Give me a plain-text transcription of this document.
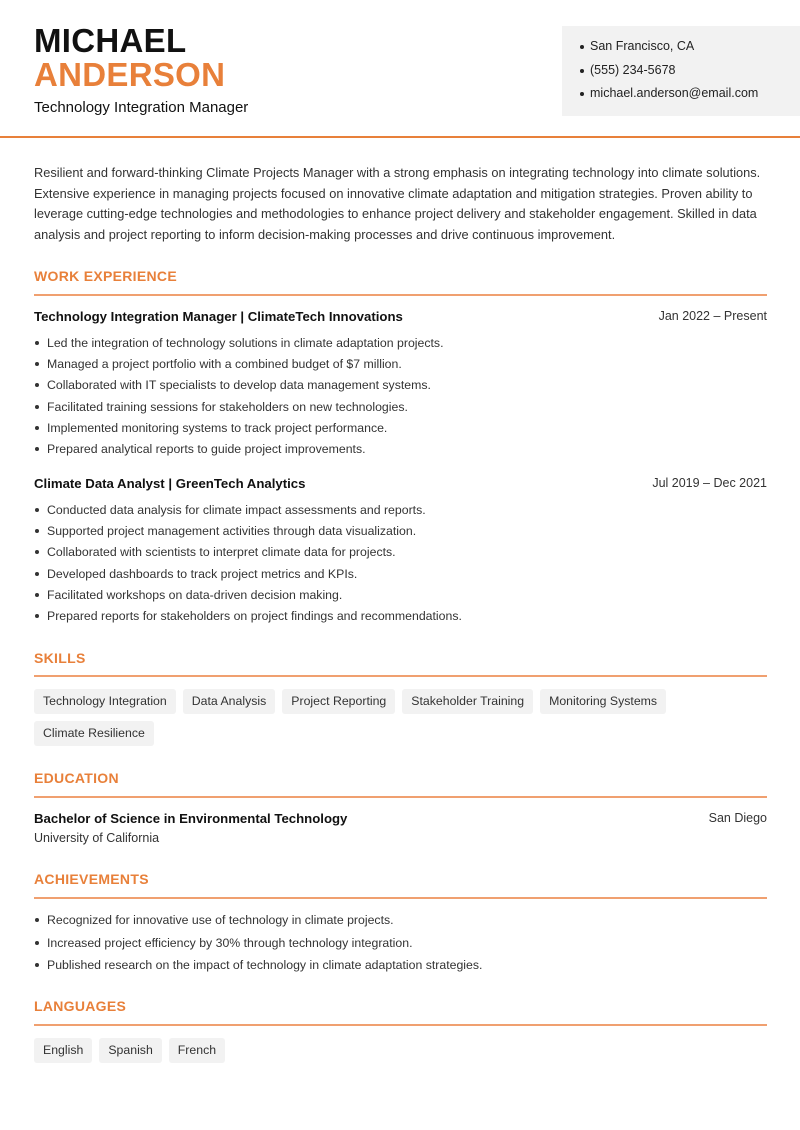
MICHAEL
ANDERSON
Technology Integration Manager
San Francisco, CA
(555) 234-5678
michael.anderson@email.com

Resilient and forward-thinking Climate Projects Manager with a strong emphasis on integrating technology into climate solutions. Extensive experience in managing projects focused on innovative climate adaptation and mitigation strategies. Proven ability to leverage cutting-edge technologies and methodologies to enhance project delivery and stakeholder engagement. Skilled in data analysis and project reporting to inform decision-making processes and drive continuous improvement.

WORK EXPERIENCE
Technology Integration Manager | ClimateTech Innovations	Jan 2022 – Present
Led the integration of technology solutions in climate adaptation projects.
Managed a project portfolio with a combined budget of $7 million.
Collaborated with IT specialists to develop data management systems.
Facilitated training sessions for stakeholders on new technologies.
Implemented monitoring systems to track project performance.
Prepared analytical reports to guide project improvements.
Climate Data Analyst | GreenTech Analytics	Jul 2019 – Dec 2021
Conducted data analysis for climate impact assessments and reports.
Supported project management activities through data visualization.
Collaborated with scientists to interpret climate data for projects.
Developed dashboards to track project metrics and KPIs.
Facilitated workshops on data-driven decision making.
Prepared reports for stakeholders on project findings and recommendations.
SKILLS
Technology Integration	Data Analysis	Project Reporting	Stakeholder Training	Monitoring Systems
Climate Resilience
EDUCATION
Bachelor of Science in Environmental Technology	San Diego
University of California
ACHIEVEMENTS
Recognized for innovative use of technology in climate projects.
Increased project efficiency by 30% through technology integration.
Published research on the impact of technology in climate adaptation strategies.
LANGUAGES
English	Spanish	French
